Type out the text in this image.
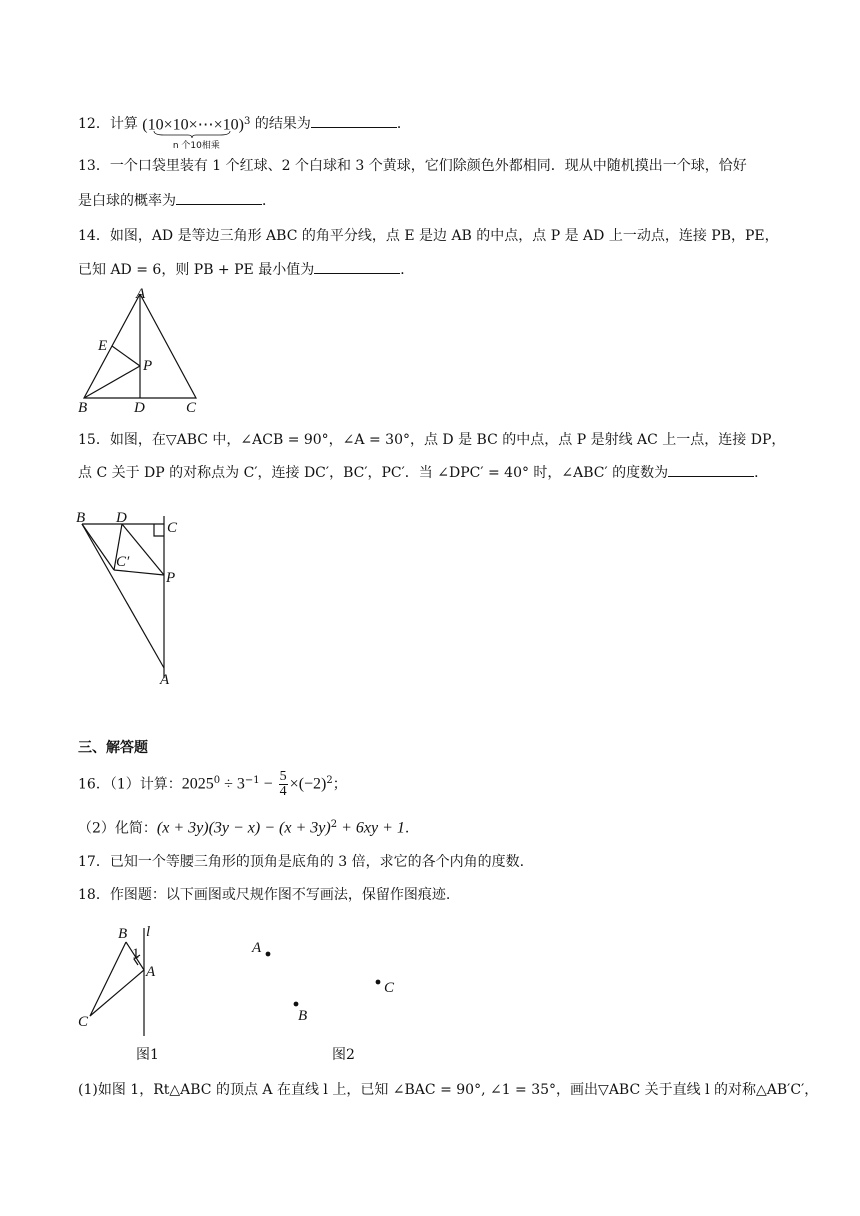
12．计算 (10×10×⋯×10)$^3$
n 个10相乘
的结果为	．
13．一个口袋里装有 1 个红球、2 个白球和 3 个黄球，它们除颜色外都相同．现从中随机摸出一个球，恰好
是白球的概率为	．
14．如图，AD 是等边三角形 ABC 的角平分线，点 E 是边 AB 的中点，点 P 是 AD 上一动点，连接 PB，PE，
已知 AD = 6，则 PB + PE 最小值为	．
A
E
P
B	D	C
15．如图，在▽ABC 中，∠ACB = 90°，∠A = 30°，点 D 是 BC 的中点，点 P 是射线 AC 上一点，连接 DP，
点 C 关于 DP 的对称点为 C′，连接 DC′，BC′，PC′．当 ∠DPC′ = 40° 时，∠ABC′ 的度数为	．
B D
C
C′
P
A
三、解答题
16．（1）计算：$2025^0 \div 3^{-1} - \frac{5}{4} \times(-2)^2$；
（2）化简：$(x + 3y)(3y - x) - (x + 3y)^2 + 6xy + 1$.
17．已知一个等腰三角形的顶角是底角的 3 倍，求它的各个内角的度数.
18．作图题：以下画图或尺规作图不写画法，保留作图痕迹.
B l
1
A
C
图1
A
C
B
图2
(1)如图 1，Rt△ABC 的顶点 A 在直线 l 上，已知 ∠BAC = 90°, ∠1 = 35°，画出▽ABC 关于直线 l 的对称△AB′C′，
